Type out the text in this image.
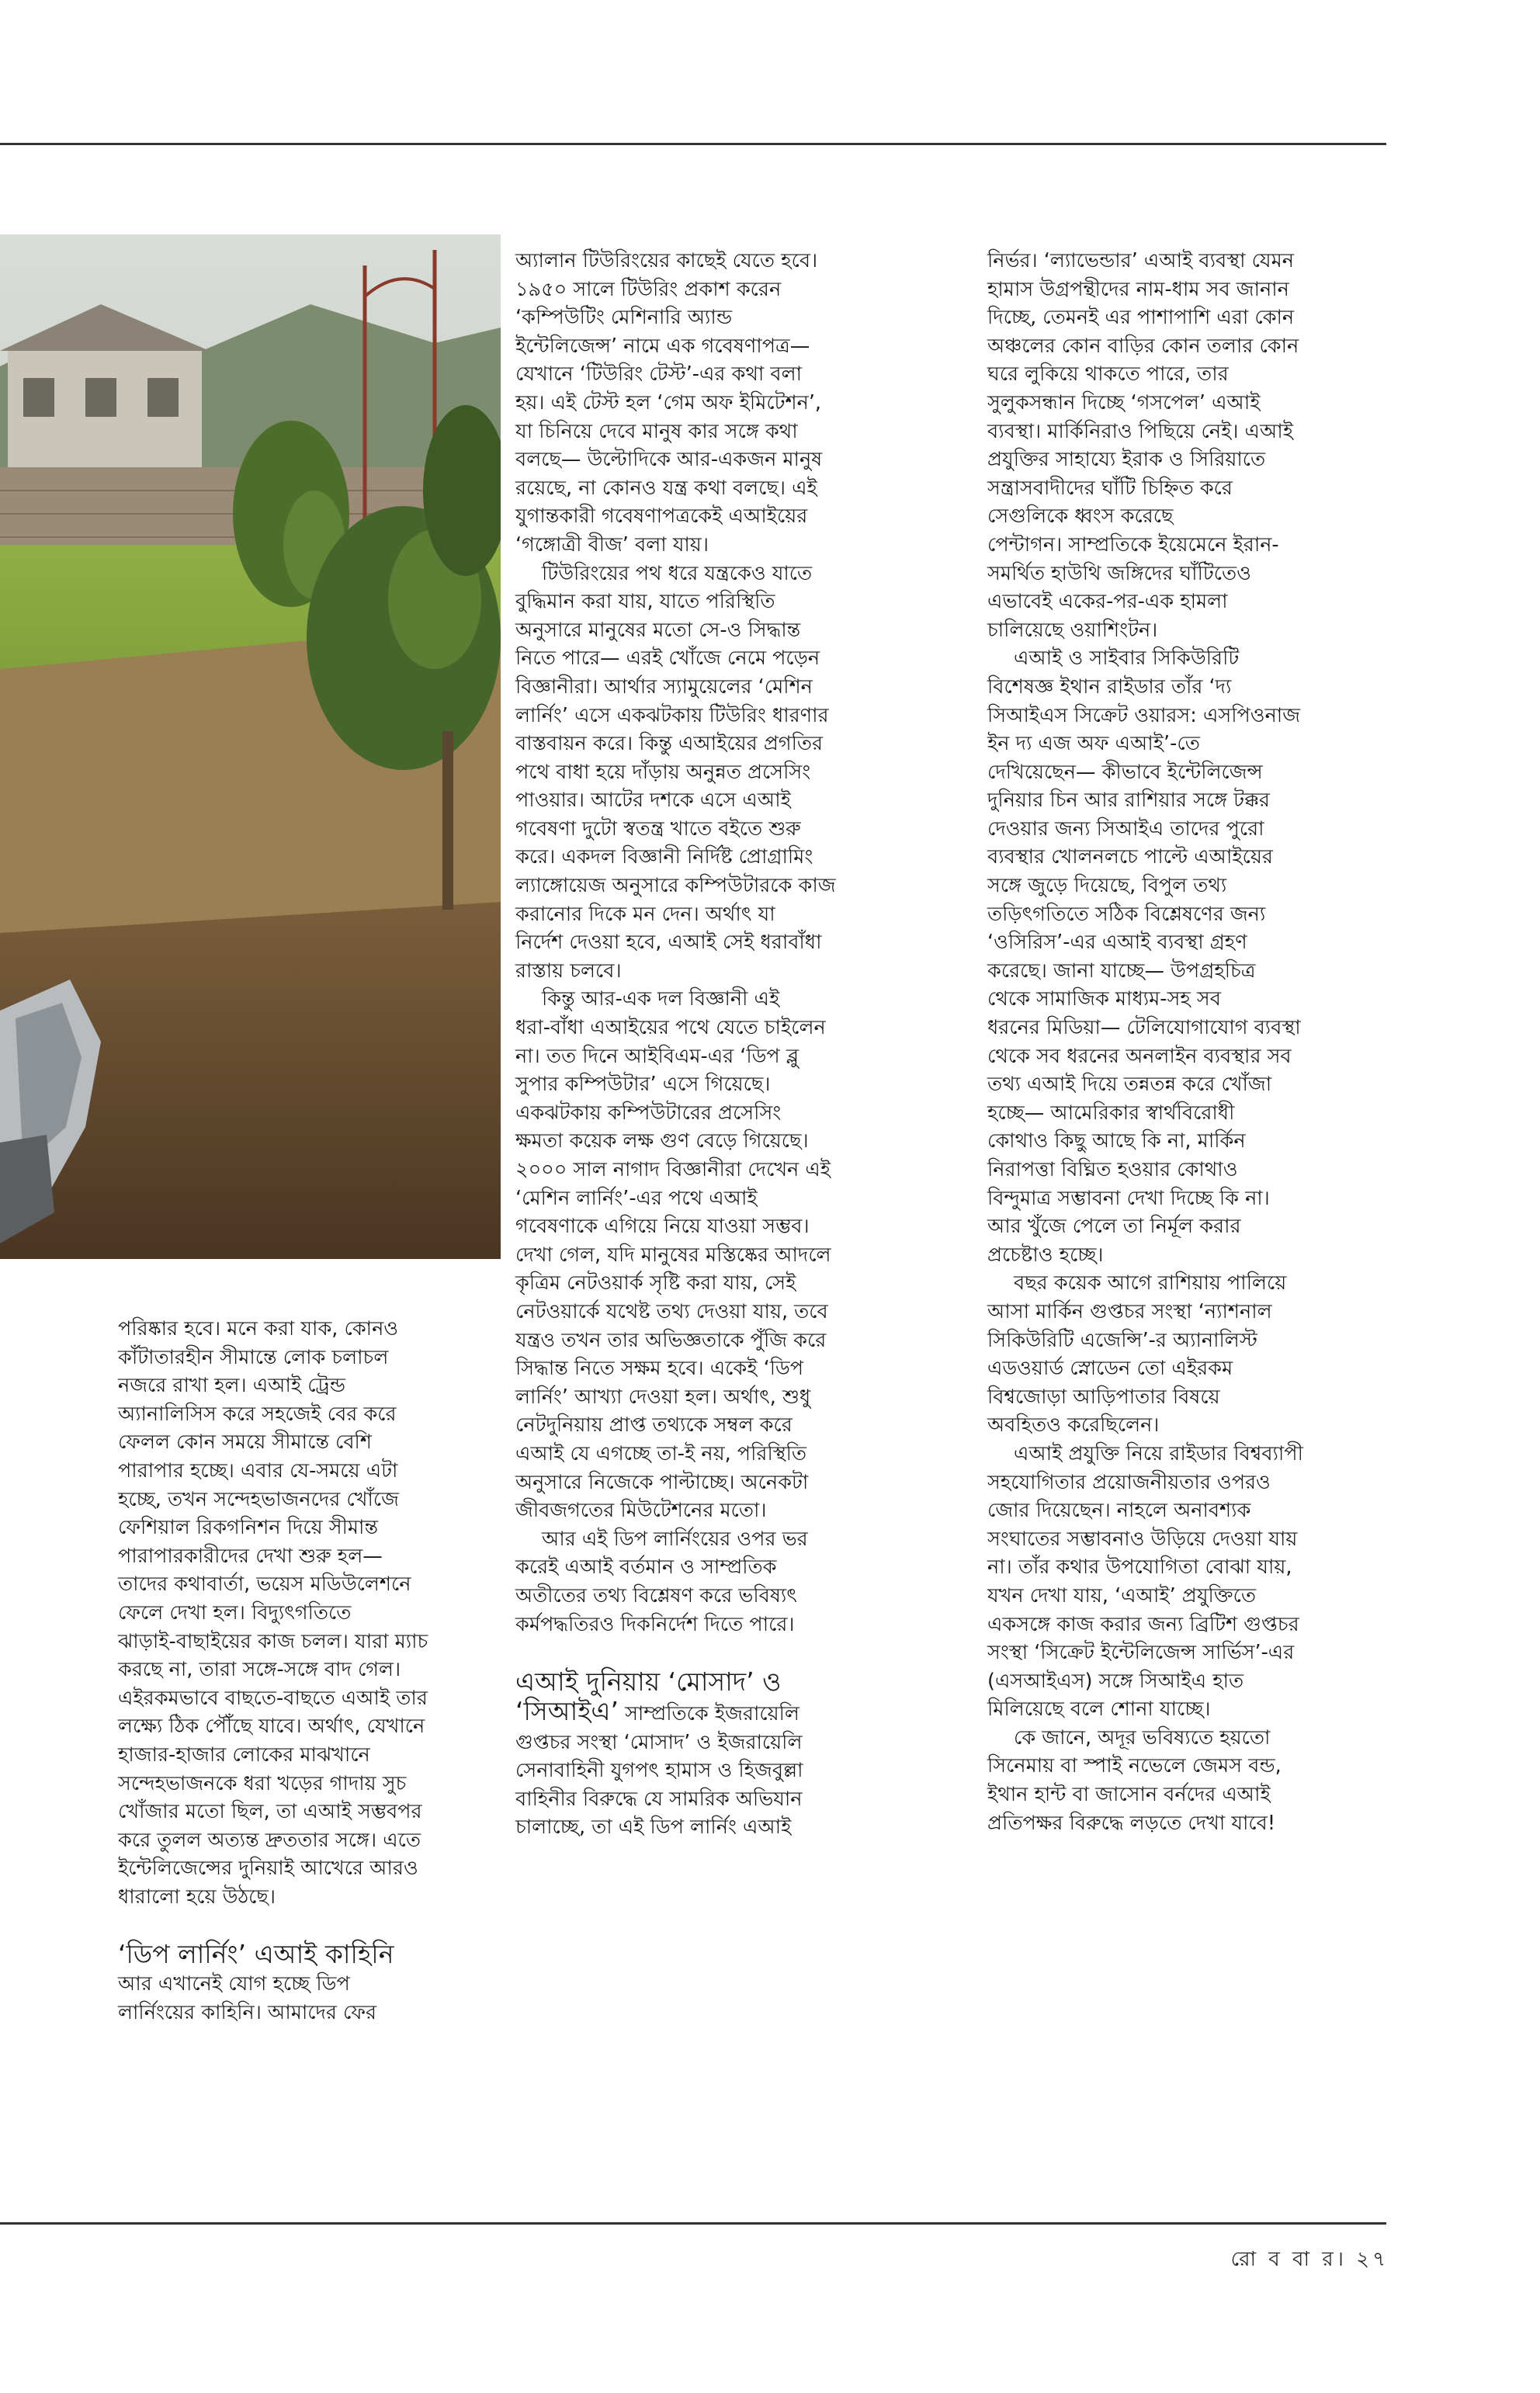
পরিষ্কার হবে। মনে করা যাক, কোনও

কাঁটাতারহীন সীমান্তে লোক চলাচল

নজরে রাখা হল। এআই ট্রেন্ড

অ্যানালিসিস করে সহজেই বের করে

ফেলল কোন সময়ে সীমান্তে বেশি

পারাপার হচ্ছে। এবার যে-সময়ে এটা

হচ্ছে, তখন সন্দেহভাজনদের খোঁজে

ফেশিয়াল রিকগনিশন দিয়ে সীমান্ত

পারাপারকারীদের দেখা শুরু হল—

তাদের কথাবার্তা, ভয়েস মডিউলেশনে

ফেলে দেখা হল। বিদ্যুৎগতিতে

ঝাড়াই-বাছাইয়ের কাজ চলল। যারা ম্যাচ

করছে না, তারা সঙ্গে-সঙ্গে বাদ গেল।

এইরকমভাবে বাছতে-বাছতে এআই তার

লক্ষ্যে ঠিক পৌঁছে যাবে। অর্থাৎ, যেখানে

হাজার-হাজার লোকের মাঝখানে

সন্দেহভাজনকে ধরা খড়ের গাদায় সুচ

খোঁজার মতো ছিল, তা এআই সম্ভবপর

করে তুলল অত্যন্ত দ্রুততার সঙ্গে। এতে

ইন্টেলিজেন্সের দুনিয়াই আখেরে আরও

ধারালো হয়ে উঠছে।

‘ডিপ লার্নিং’ এআই কাহিনি

আর এখানেই যোগ হচ্ছে ডিপ

লার্নিংয়ের কাহিনি। আমাদের ফের

অ্যালান টিউরিংয়ের কাছেই যেতে হবে।

১৯৫০ সালে টিউরিং প্রকাশ করেন

‘কম্পিউটিং মেশিনারি অ্যান্ড

ইন্টেলিজেন্স’ নামে এক গবেষণাপত্র—

যেখানে ‘টিউরিং টেস্ট’-এর কথা বলা

হয়। এই টেস্ট হল ‘গেম অফ ইমিটেশন’,

যা চিনিয়ে দেবে মানুষ কার সঙ্গে কথা

বলছে— উল্টোদিকে আর-একজন মানুষ

রয়েছে, না কোনও যন্ত্র কথা বলছে। এই

যুগান্তকারী গবেষণাপত্রকেই এআইয়ের

‘গঙ্গোত্রী বীজ’ বলা যায়।

টিউরিংয়ের পথ ধরে যন্ত্রকেও যাতে

বুদ্ধিমান করা যায়, যাতে পরিস্থিতি

অনুসারে মানুষের মতো সে-ও সিদ্ধান্ত

নিতে পারে— এরই খোঁজে নেমে পড়েন

বিজ্ঞানীরা। আর্থার স্যামুয়েলের ‘মেশিন

লার্নিং’ এসে একঝটকায় টিউরিং ধারণার

বাস্তবায়ন করে। কিন্তু এআইয়ের প্রগতির

পথে বাধা হয়ে দাঁড়ায় অনুন্নত প্রসেসিং

পাওয়ার। আটের দশকে এসে এআই

গবেষণা দুটো স্বতন্ত্র খাতে বইতে শুরু

করে। একদল বিজ্ঞানী নির্দিষ্ট প্রোগ্রামিং

ল্যাঙ্গোয়েজ অনুসারে কম্পিউটারকে কাজ

করানোর দিকে মন দেন। অর্থাৎ যা

নির্দেশ দেওয়া হবে, এআই সেই ধরাবাঁধা

রাস্তায় চলবে।

কিন্তু আর-এক দল বিজ্ঞানী এই

ধরা-বাঁধা এআইয়ের পথে যেতে চাইলেন

না। তত দিনে আইবিএম-এর ‘ডিপ ব্লু

সুপার কম্পিউটার’ এসে গিয়েছে।

একঝটকায় কম্পিউটারের প্রসেসিং

ক্ষমতা কয়েক লক্ষ গুণ বেড়ে গিয়েছে।

২০০০ সাল নাগাদ বিজ্ঞানীরা দেখেন এই

‘মেশিন লার্নিং’-এর পথে এআই

গবেষণাকে এগিয়ে নিয়ে যাওয়া সম্ভব।

দেখা গেল, যদি মানুষের মস্তিষ্কের আদলে

কৃত্রিম নেটওয়ার্ক সৃষ্টি করা যায়, সেই

নেটওয়ার্কে যথেষ্ট তথ্য দেওয়া যায়, তবে

যন্ত্রও তখন তার অভিজ্ঞতাকে পুঁজি করে

সিদ্ধান্ত নিতে সক্ষম হবে। একেই ‘ডিপ

লার্নিং’ আখ্যা দেওয়া হল। অর্থাৎ, শুধু

নেটদুনিয়ায় প্রাপ্ত তথ্যকে সম্বল করে

এআই যে এগচ্ছে তা-ই নয়, পরিস্থিতি

অনুসারে নিজেকে পাল্টাচ্ছে। অনেকটা

জীবজগতের মিউটেশনের মতো।

আর এই ডিপ লার্নিংয়ের ওপর ভর

করেই এআই বর্তমান ও সাম্প্রতিক

অতীতের তথ্য বিশ্লেষণ করে ভবিষ্যৎ

কর্মপদ্ধতিরও দিকনির্দেশ দিতে পারে।

এআই দুনিয়ায় ‘মোসাদ’ ও

‘সিআইএ’ সাম্প্রতিকে ইজরায়েলি

গুপ্তচর সংস্থা ‘মোসাদ’ ও ইজরায়েলি

সেনাবাহিনী যুগপৎ হামাস ও হিজবুল্লা

বাহিনীর বিরুদ্ধে যে সামরিক অভিযান

চালাচ্ছে, তা এই ডিপ লার্নিং এআই

নির্ভর। ‘ল্যাভেন্ডার’ এআই ব্যবস্থা যেমন

হামাস উগ্রপন্থীদের নাম-ধাম সব জানান

দিচ্ছে, তেমনই এর পাশাপাশি এরা কোন

অঞ্চলের কোন বাড়ির কোন তলার কোন

ঘরে লুকিয়ে থাকতে পারে, তার

সুলুকসন্ধান দিচ্ছে ‘গসপেল’ এআই

ব্যবস্থা। মার্কিনিরাও পিছিয়ে নেই। এআই

প্রযুক্তির সাহায্যে ইরাক ও সিরিয়াতে

সন্ত্রাসবাদীদের ঘাঁটি চিহ্নিত করে

সেগুলিকে ধ্বংস করেছে

পেন্টাগন। সাম্প্রতিকে ইয়েমেনে ইরান-

সমর্থিত হাউথি জঙ্গিদের ঘাঁটিতেও

এভাবেই একের-পর-এক হামলা

চালিয়েছে ওয়াশিংটন।

এআই ও সাইবার সিকিউরিটি

বিশেষজ্ঞ ইথান রাইডার তাঁর ‘দ্য

সিআইএস সিক্রেট ওয়ারস: এসপিওনাজ

ইন দ্য এজ অফ এআই’-তে

দেখিয়েছেন— কীভাবে ইন্টেলিজেন্স

দুনিয়ার চিন আর রাশিয়ার সঙ্গে টক্কর

দেওয়ার জন্য সিআইএ তাদের পুরো

ব্যবস্থার খোলনলচে পাল্টে এআইয়ের

সঙ্গে জুড়ে দিয়েছে, বিপুল তথ্য

তড়িৎগতিতে সঠিক বিশ্লেষণের জন্য

‘ওসিরিস’-এর এআই ব্যবস্থা গ্রহণ

করেছে। জানা যাচ্ছে— উপগ্রহচিত্র

থেকে সামাজিক মাধ্যম-সহ সব

ধরনের মিডিয়া— টেলিযোগাযোগ ব্যবস্থা

থেকে সব ধরনের অনলাইন ব্যবস্থার সব

তথ্য এআই দিয়ে তন্নতন্ন করে খোঁজা

হচ্ছে— আমেরিকার স্বার্থবিরোধী

কোথাও কিছু আছে কি না, মার্কিন

নিরাপত্তা বিঘ্নিত হওয়ার কোথাও

বিন্দুমাত্র সম্ভাবনা দেখা দিচ্ছে কি না।

আর খুঁজে পেলে তা নির্মূল করার

প্রচেষ্টাও হচ্ছে।

বছর কয়েক আগে রাশিয়ায় পালিয়ে

আসা মার্কিন গুপ্তচর সংস্থা ‘ন্যাশনাল

সিকিউরিটি এজেন্সি’-র অ্যানালিস্ট

এডওয়ার্ড স্নোডেন তো এইরকম

বিশ্বজোড়া আড়িপাতার বিষয়ে

অবহিতও করেছিলেন।

এআই প্রযুক্তি নিয়ে রাইডার বিশ্বব্যাপী

সহযোগিতার প্রয়োজনীয়তার ওপরও

জোর দিয়েছেন। নাহলে অনাবশ্যক

সংঘাতের সম্ভাবনাও উড়িয়ে দেওয়া যায়

না। তাঁর কথার উপযোগিতা বোঝা যায়,

যখন দেখা যায়, ‘এআই’ প্রযুক্তিতে

একসঙ্গে কাজ করার জন্য ব্রিটিশ গুপ্তচর

সংস্থা ‘সিক্রেট ইন্টেলিজেন্স সার্ভিস’-এর

(এসআইএস) সঙ্গে সিআইএ হাত

মিলিয়েছে বলে শোনা যাচ্ছে।

কে জানে, অদূর ভবিষ্যতে হয়তো

সিনেমায় বা স্পাই নভেলে জেমস বন্ড,

ইথান হান্ট বা জাসোন বর্নদের এআই

প্রতিপক্ষর বিরুদ্ধে লড়তে দেখা যাবে!

রো ব বা র। ২৭
